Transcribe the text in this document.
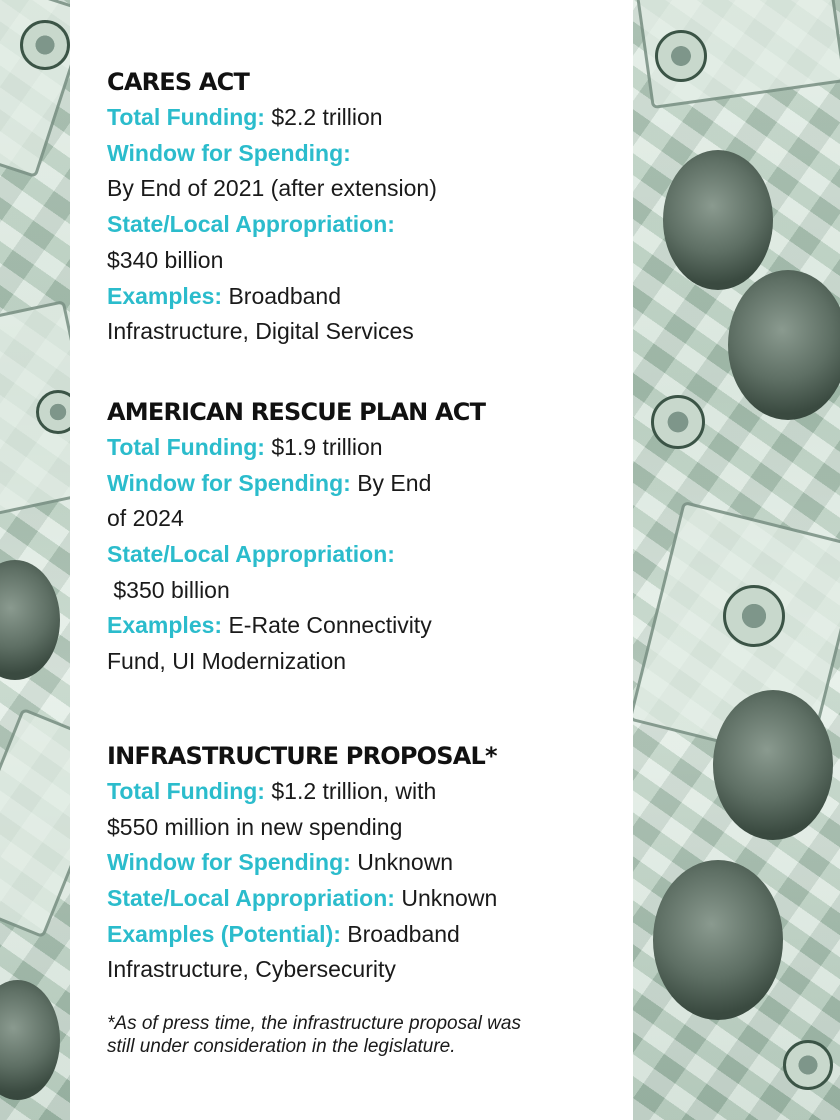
CARES ACT

Total Funding: $2.2 trillion

Window for Spending:

By End of 2021 (after extension)

State/Local Appropriation:

$340 billion

Examples: Broadband

Infrastructure, Digital Services

AMERICAN RESCUE PLAN ACT

Total Funding: $1.9 trillion

Window for Spending: By End

of 2024

State/Local Appropriation:

$350 billion

Examples: E-Rate Connectivity

Fund, UI Modernization

INFRASTRUCTURE PROPOSAL*

Total Funding: $1.2 trillion, with

$550 million in new spending

Window for Spending: Unknown

State/Local Appropriation: Unknown

Examples (Potential): Broadband

Infrastructure, Cybersecurity

*As of press time, the infrastructure proposal was still under consideration in the legislature.
